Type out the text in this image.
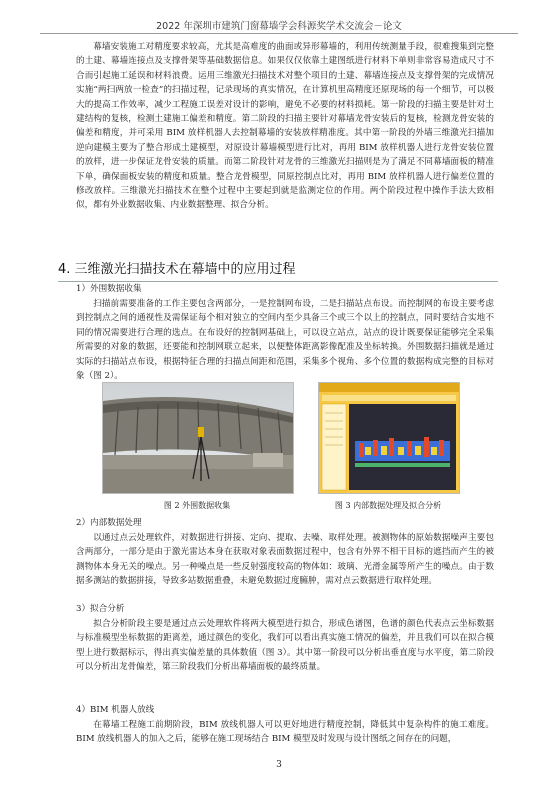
2022 年深圳市建筑门窗幕墙学会科源奖学术交流会－论文

幕墙安装施工对精度要求较高，尤其是高难度的曲面或异形幕墙的，利用传统测量手段，很难搜集到完整的土建、幕墙连接点及支撑骨架等基础数据信息。如果仅仅依靠土建图纸进行材料下单则非常容易造成尺寸不合而引起施工延误和材料浪费。运用三维激光扫描技术对整个项目的土建、幕墙连接点及支撑骨架的完成情况实施“两扫两放一检查”的扫描过程，记录现场的真实情况，在计算机里高精度还原现场的每一个细节，可以极大的提高工作效率，减少工程施工误差对设计的影响，避免不必要的材料损耗。第一阶段的扫描主要是针对土建结构的复核，检测土建施工偏差和精度。第二阶段的扫描主要针对幕墙龙骨安装后的复核，检测龙骨安装的偏差和精度，并可采用 BIM 放样机器人去控制幕墙的安装放样精准度。其中第一阶段的外墙三维激光扫描加逆向建模主要为了整合形成土建模型，对原设计幕墙模型进行比对，再用 BIM 放样机器人进行龙骨安装位置的放样，进一步保证龙骨安装的质量。而第二阶段针对龙骨的三维激光扫描则是为了满足不同幕墙面板的精准下单，确保面板安装的精度和质量。整合龙骨模型，同原控制点比对，再用 BIM 放样机器人进行偏差位置的修改放样。三维激光扫描技术在整个过程中主要起到就是监测定位的作用。两个阶段过程中操作手法大致相似，都有外业数据收集、内业数据整理、拟合分析。

4. 三维激光扫描技术在幕墙中的应用过程
1）外围数据收集

扫描前需要准备的工作主要包含两部分，一是控制网布设，二是扫描站点布设。而控制网的布设主要考虑到控制点之间的通视性及需保证每个相对独立的空间内至少具备三个或三个以上的控制点，同时要结合实地不同的情况需要进行合理的选点。在布设好的控制网基础上，可以设立站点，站点的设计既要保证能够完全采集所需要的对象的数据，还要能和控制网联立起来，以便整体距离影像配准及坐标转换。外围数据扫描就是通过实际的扫描站点布设，根据特征合理的扫描点间距和范围，采集多个视角、多个位置的数据构成完整的目标对象（图 2）。

图 2 外围数据收集	图 3 内部数据处理及拟合分析
2）内部数据处理

以通过点云处理软件，对数据进行拼接、定向、提取、去噪、取样处理。被测物体的原始数据噪声主要包含两部分，一部分是由于激光雷达本身在获取对象表面数据过程中，包含有外界不相干目标的遮挡而产生的被测物体本身无关的噪点。另一种噪点是一些反射强度较高的物体如：玻璃、光滑金属等所产生的噪点。由于数据多测站的数据拼接，导致多站数据重叠，未避免数据过度臃肿，需对点云数据进行取样处理。

3）拟合分析

拟合分析阶段主要是通过点云处理软件将两大模型进行拟合，形成色谱图，色谱的颜色代表点云坐标数据与标准模型坐标数据的距离差，通过颜色的变化，我们可以看出真实施工情况的偏差，并且我们可以在拟合模型上进行数据标示，得出真实偏差量的具体数值（图 3）。其中第一阶段可以分析出垂直度与水平度，第二阶段可以分析出龙骨偏差，第三阶段我们分析出幕墙面板的最终质量。

4）BIM 机器人放线

在幕墙工程施工前期阶段，BIM 放线机器人可以更好地进行精度控制，降低其中复杂构件的施工难度。BIM 放线机器人的加入之后，能够在施工现场结合 BIM 模型及时发现与设计图纸之间存在的问题，

3
